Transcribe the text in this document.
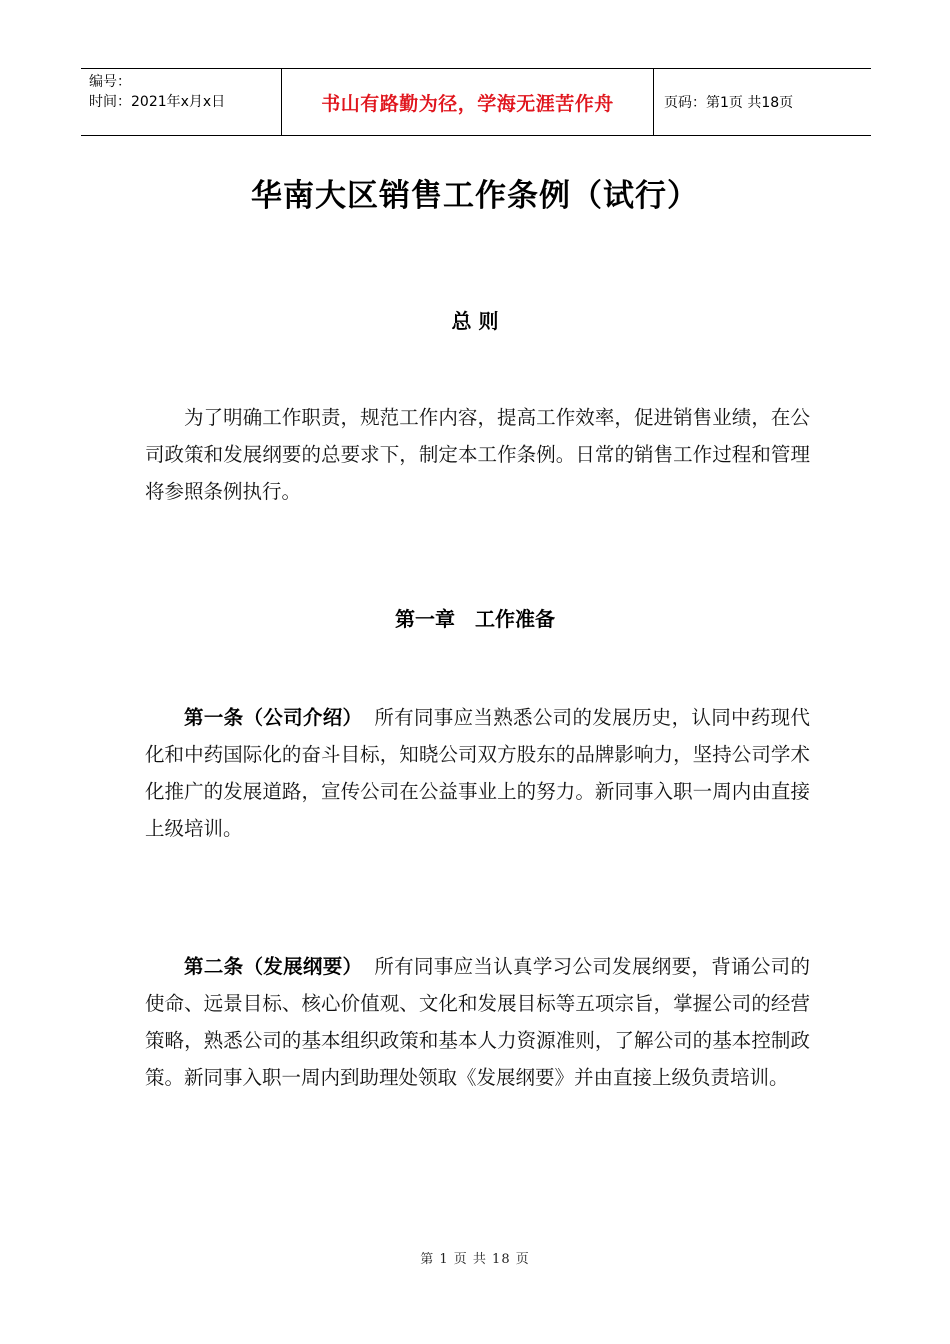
编号：
时间：2021年x月x日	书山有路勤为径，学海无涯苦作舟	页码：第1页 共18页
华南大区销售工作条例（试行）
总 则

为了明确工作职责，规范工作内容，提高工作效率，促进销售业绩，在公司政策和发展纲要的总要求下，制定本工作条例。日常的销售工作过程和管理将参照条例执行。

第一章　工作准备

第一条（公司介绍） 所有同事应当熟悉公司的发展历史，认同中药现代化和中药国际化的奋斗目标，知晓公司双方股东的品牌影响力，坚持公司学术化推广的发展道路，宣传公司在公益事业上的努力。新同事入职一周内由直接上级培训。

第二条（发展纲要） 所有同事应当认真学习公司发展纲要，背诵公司的使命、远景目标、核心价值观、文化和发展目标等五项宗旨，掌握公司的经营策略，熟悉公司的基本组织政策和基本人力资源准则，了解公司的基本控制政策。新同事入职一周内到助理处领取《发展纲要》并由直接上级负责培训。

第 1 页 共 18 页
